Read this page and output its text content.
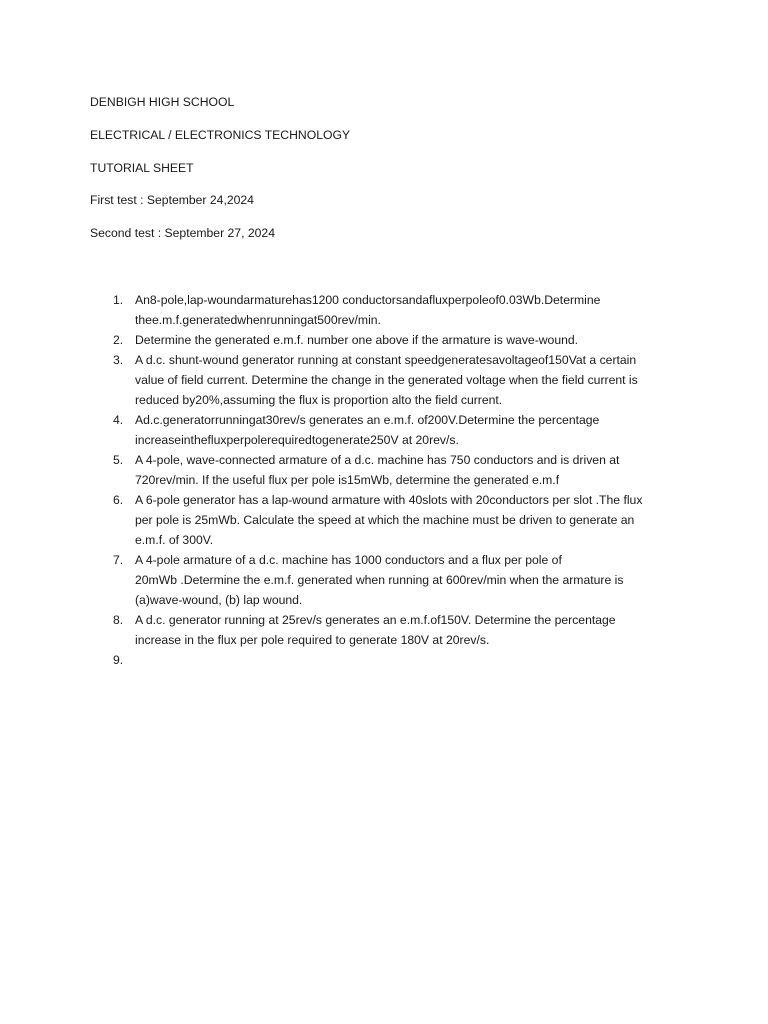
DENBIGH HIGH SCHOOL
ELECTRICAL / ELECTRONICS TECHNOLOGY
TUTORIAL SHEET
First test : September 24,2024
Second test : September 27, 2024
1. An8-pole,lap-woundarmaturehas1200 conductorsandafluxperpoleof0.03Wb.Determine
thee.m.f.generatedwhenrunningat500rev/min.
2. Determine the generated e.m.f. number one above if the armature is wave-wound.
3. A d.c. shunt-wound generator running at constant speedgeneratesavoltageof150Vat a certain
value of field current. Determine the change in the generated voltage when the field current is
reduced by20%,assuming the flux is proportion alto the field current.
4. Ad.c.generatorrunningat30rev/s generates an e.m.f. of200V.Determine the percentage
increaseinthefluxperpolerequiredtogenerate250V at 20rev/s.
5. A 4-pole, wave-connected armature of a d.c. machine has 750 conductors and is driven at
720rev/min. If the useful flux per pole is15mWb, determine the generated e.m.f
6. A 6-pole generator has a lap-wound armature with 40slots with 20conductors per slot .The flux
per pole is 25mWb. Calculate the speed at which the machine must be driven to generate an
e.m.f. of 300V.
7. A 4-pole armature of a d.c. machine has 1000 conductors and a flux per pole of
20mWb .Determine the e.m.f. generated when running at 600rev/min when the armature is
(a)wave-wound, (b) lap wound.
8. A d.c. generator running at 25rev/s generates an e.m.f.of150V. Determine the percentage
increase in the flux per pole required to generate 180V at 20rev/s.
9.
